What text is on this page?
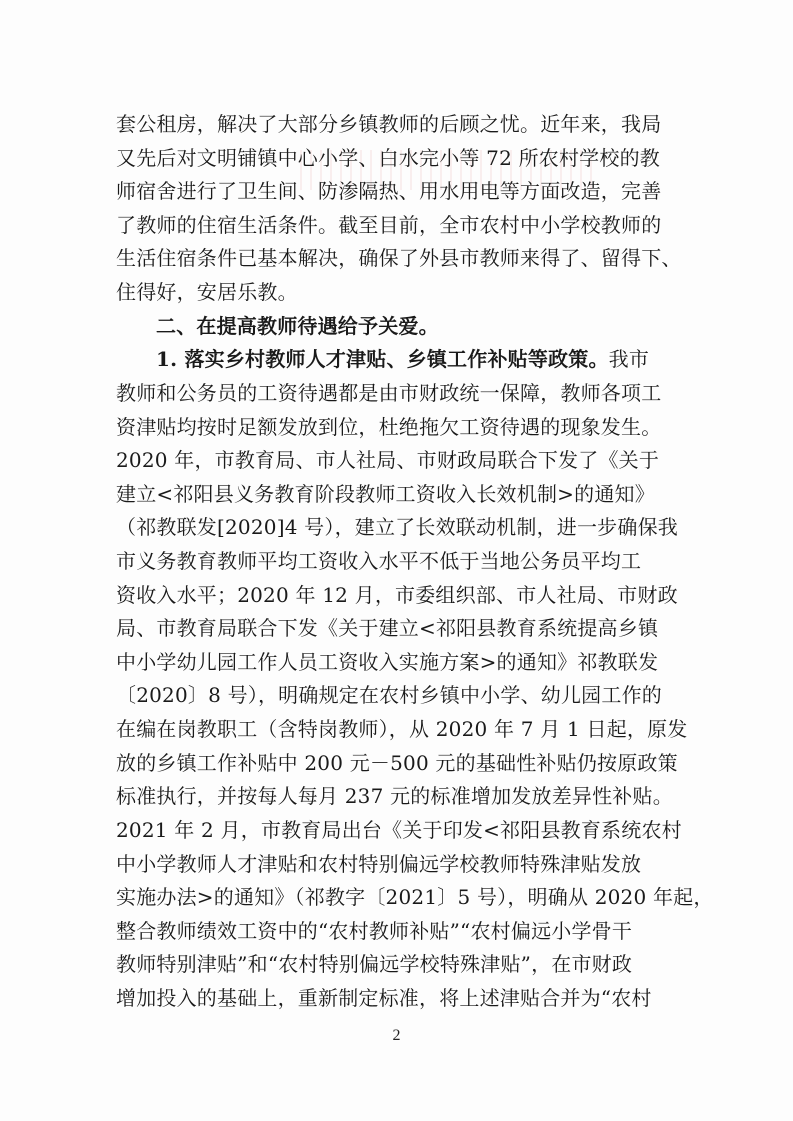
套公租房，解决了大部分乡镇教师的后顾之忧。近年来，我局
又先后对文明铺镇中心小学、白水完小等 72 所农村学校的教
师宿舍进行了卫生间、防渗隔热、用水用电等方面改造，完善
了教师的住宿生活条件。截至目前，全市农村中小学校教师的
生活住宿条件已基本解决，确保了外县市教师来得了、留得下、
住得好，安居乐教。
二、在提高教师待遇给予关爱。
1. 落实乡村教师人才津贴、乡镇工作补贴等政策。我市
教师和公务员的工资待遇都是由市财政统一保障，教师各项工
资津贴均按时足额发放到位，杜绝拖欠工资待遇的现象发生。
2020 年，市教育局、市人社局、市财政局联合下发了《关于
建立<祁阳县义务教育阶段教师工资收入长效机制>的通知》
（祁教联发[2020]4 号），建立了长效联动机制，进一步确保我
市义务教育教师平均工资收入水平不低于当地公务员平均工
资收入水平；2020 年 12 月，市委组织部、市人社局、市财政
局、市教育局联合下发《关于建立<祁阳县教育系统提高乡镇
中小学幼儿园工作人员工资收入实施方案>的通知》祁教联发
〔2020〕8 号），明确规定在农村乡镇中小学、幼儿园工作的
在编在岗教职工（含特岗教师），从 2020 年 7 月 1 日起，原发
放的乡镇工作补贴中 200 元－500 元的基础性补贴仍按原政策
标准执行，并按每人每月 237 元的标准增加发放差异性补贴。
2021 年 2 月，市教育局出台《关于印发<祁阳县教育系统农村
中小学教师人才津贴和农村特别偏远学校教师特殊津贴发放
实施办法>的通知》（祁教字〔2021〕5 号），明确从 2020 年起，
整合教师绩效工资中的“农村教师补贴”“农村偏远小学骨干
教师特别津贴”和“农村特别偏远学校特殊津贴”，在市财政
增加投入的基础上，重新制定标准，将上述津贴合并为“农村
2
